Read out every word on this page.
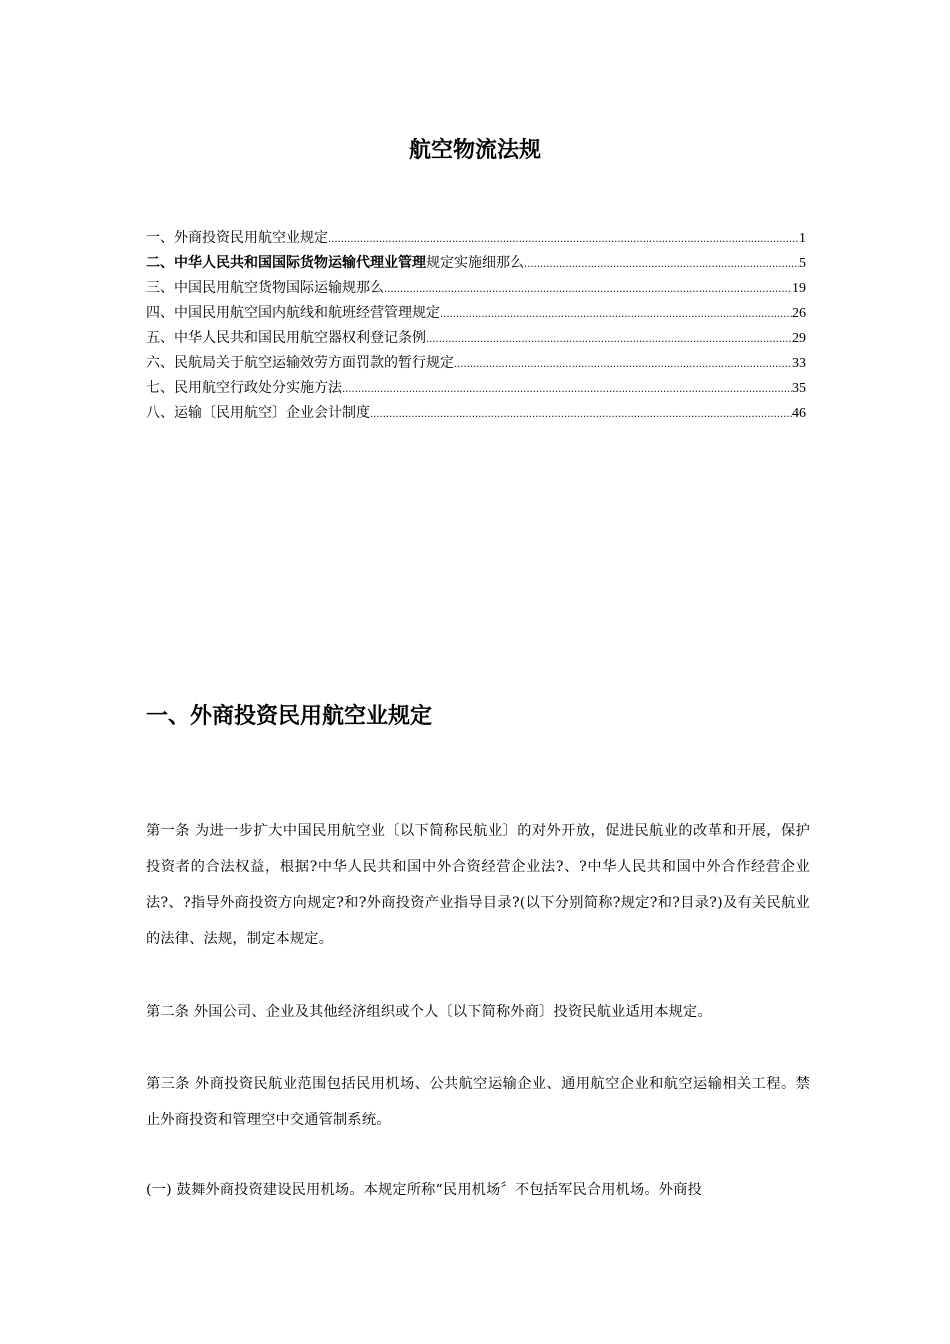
航空物流法规
一、外商投资民用航空业规定 .....	1
二、中华人民共和国国际货物运输代理业管理规定实施细那么 .....	5
三、中国民用航空货物国际运输规那么 .....	19
四、中国民用航空国内航线和航班经营管理规定 .....	26
五、中华人民共和国民用航空器权利登记条例 .....	29
六、民航局关于航空运输效劳方面罚款的暂行规定 .....	33
七、民用航空行政处分实施方法 .....	35
八、运输〔民用航空〕企业会计制度 .....	46
一、外商投资民用航空业规定

第一条 为进一步扩大中国民用航空业〔以下简称民航业〕的对外开放，促进民航业的改革和开展，保护投资者的合法权益，根据?中华人民共和国中外合资经营企业法?、?中华人民共和国中外合作经营企业法?、?指导外商投资方向规定?和?外商投资产业指导目录?(以下分别简称?规定?和?目录?)及有关民航业的法律、法规，制定本规定。

第二条 外国公司、企业及其他经济组织或个人〔以下简称外商〕投资民航业适用本规定。

第三条 外商投资民航业范围包括民用机场、公共航空运输企业、通用航空企业和航空运输相关工程。禁止外商投资和管理空中交通管制系统。

(一) 鼓舞外商投资建设民用机场。本规定所称“民用机场〞不包括军民合用机场。外商投
